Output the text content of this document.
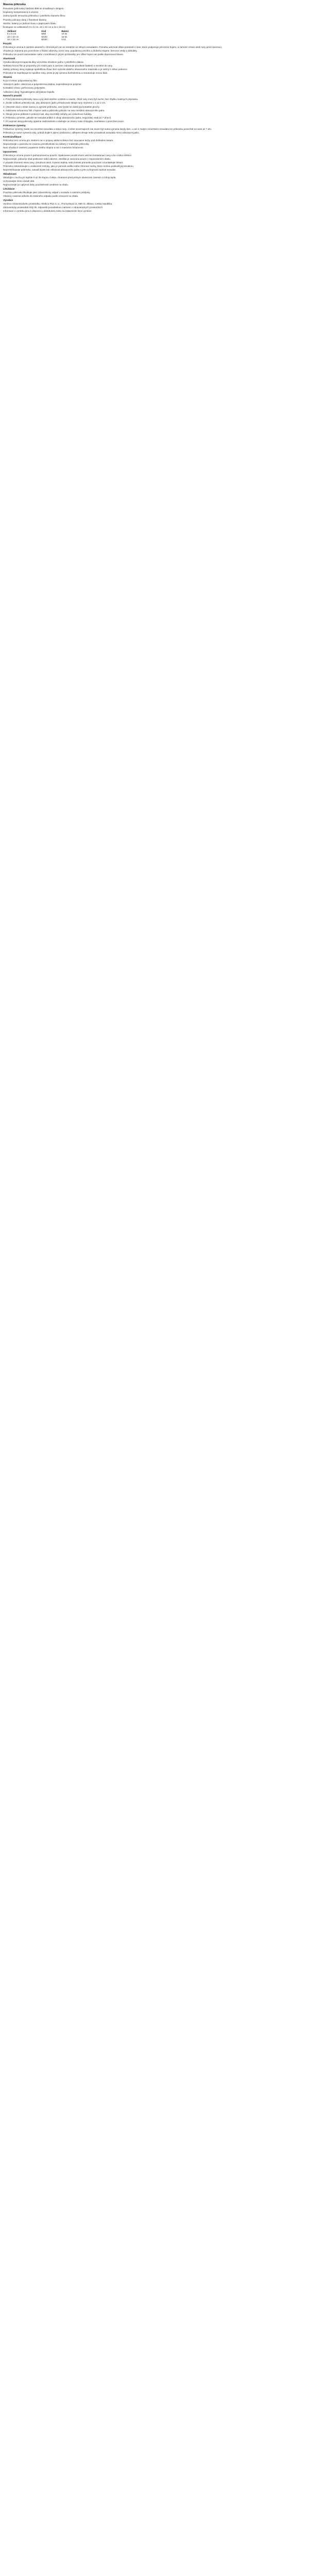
Masova prikrovka
Prevazek (prikrovka) Nerbsko 999 se smadlavym okrajem
Doplneny kompenzacne k vlozeni
Jedna spodni tenoucka prikrovka z polehleho tkaneho filmu
Prazdny prilnavy okraj z flanelove tkaniny
Sterilni, baleny po jednom kusu v papirovem obalu
Dostupne ve velikostech 5 x 5 cm, 10 x 10 cm a 15 x 15 cm
Velikost	Kod	Balení
5 x 5 cm	M50	10 ks
10 x 10 cm	M100	10 ks
15 x 15 cm	M150	5 ks
Pouziti
Prikrovka je urcena k osetreni akutnich i chronickych ran se strednim az silnym exsudatem. Pomaha udrzovat vlhke prostredi v rane, ktere podporuje prirozene hojeni, a zaroven chrani okoli rany pred maceraci.
Vhodna je zejmena pro povrchove a hlubsi odreniny, trzne rany, popaleniny prvniho a druheho stupne, bercove vredy a dekubity.
Prikrovku lze pouzit samostatne nebo v kombinaci s jinymi prostredky pro vlhke hojeni ran podle doporuceni lekare.
Vlastnosti
Vysoka absorpcni kapacita diky vicevrstve strukture jadra z polehleho vlakna.
Netkany krycni film je propustny pro vodni paru a zaroven zabranuje pronikani bakterii a necistot do rany.
Mekky prilnavy okraj zajistuje spolehlivou fixaci bez nutnosti dalsiho obvazoveho materialu a je setrny k citlive pokozce.
Prikrovka se neprilepuje ke spodine rany, proto je jeji vymena bezbolestna a nenarusuje novou tkan.
Slozeni
Krycni vrstva: polyuretanovy film.
Absorpcni jadro: viskozova a polyesterova vlakna, superabsorpcni polymer.
Kontaktni vrstva: perforovany polyetylen.
Adhezivni okraj: hypoalergenni akrylatove lepidlo.
Navod k pouziti
1. Pred prilozenim prikrovky ranu a jeji okoli sterilne ocistete a osuste. Okoli rany musi byt suche, bez zbytku mastnych pripravku.
2. Zvolte velikost prikrovky tak, aby absorpcni jadro presahovalo okraje rany nejmene o 1 az 2 cm.
3. Otevrete obal v miste zarezu a vyjmete prikrovku, aniz byste se dotkli jeji kontaktni plochy.
4. Odstrante ochrannou folii z lepive casti a prikrovku prilozte na ranu stredem absorpcniho jadra.
5. Okraje jemne pritlacte k pokozce tak, aby nevznikly zahyby ani vzduchove bubliny.
6. Prikrovku vymente, jakmile se exsudat priblizi k okraji absorpcniho jadra, nejpozdeji vsak po 7 dnech.
7. Pri sejmuti okraj prikrovky opatrne nadzvednete a stahujte ve smeru rustu chloupku, souhlasne s povrchem kuze.
Frekvence vymeny
Frekvence vymeny zavisi na mnozstvi exsudatu a stavu rany. U silne secernujicich ran muze byt nutna vymena kazdy den, u ran s malym mnozstvim exsudatu lze prikrovku ponechat na rane az 7 dni.
Prikrovku je nutne vymenit vzdy, pokud dojde k jejimu poskozeni, odlepeni okraje nebo prosaknuti exsudatu mimo absorpcni jadro.
Kontraindikace
Prikrovka neni urcena pro osetreni ran s projevy aktivni infekce bez soucasne lecby pod dohledem lekare.
Nepouzivejte u pacientu se znamou precitlivelosti na nektery z materialu prikrovky.
Neni vhodna k osetreni popalenin tretiho stupne a ran s masivnim krvacenim.
Upozorneni
Prikrovka je urcena pouze k jednorazovemu pouziti. Opakovane pouziti muze vest ke kontaminaci rany a ke vzniku infekce.
Nepouzivejte, pokud je obal poskozen nebo otevren. Sterilita je zarucena pouze v neporusenem obalu.
V pripade zhorseni stavu rany, zarudnuti okoli, zvyseni teploty nebo bolesti prerusite pouzivani a kontaktujte lekare.
Prikrovku nekombinujte s oxidacnimi roztoky, jako je peroxid vodiku nebo chlornan sodny, ktere mohou poskodit jeji strukturu.
Neprestrihavejte prikrovku, narusili byste tak celistvost absorpcniho jadra a jeho schopnost zadrzet exsudat.
Skladovani
Skladujte v suchu pri teplote 5 az 25 stupnu Celsia, chranene pred primym slunecnim zarenim a zdroji tepla.
Uchovavejte mimo dosah deti.
Nepouzivejte po uplynuti doby pouzitelnosti uvedene na obalu.
Likvidace
Pouzitou prikrovku likvidujte jako zdravotnicky odpad v souladu s mistnimi predpisy.
Obalovy material odlozte do trideneho odpadu podle oznaceni na obalu.
Vyrobce
Vyrobce zdravotnickeho prostredku: Medica Plus s.r.o., Prumyslova 12, 586 01 Jihlava, Ceska republika.
Zdravotnicky prostredek tridy IIb, odpovida pozadavkum narizeni o zdravotnickych prostredcich.
Informace o vyrobku jsou k dispozici u distributora nebo na zakaznicke lince vyrobce.
